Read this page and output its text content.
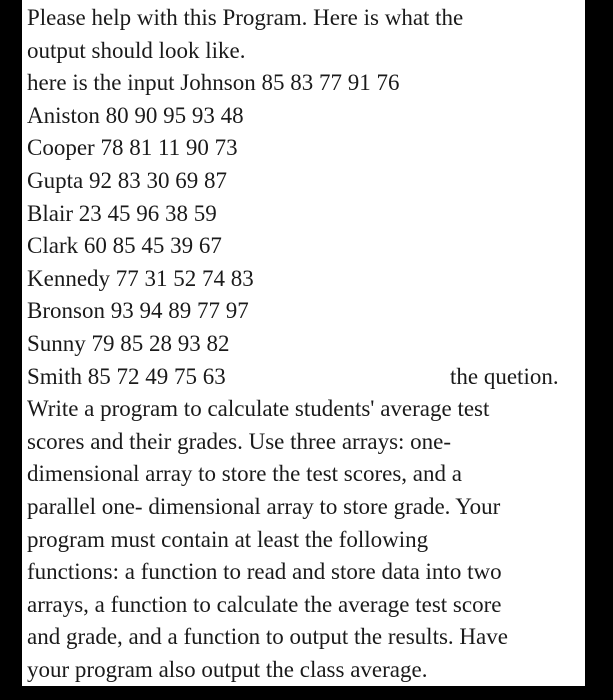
Please help with this Program. Here is what the
output should look like.
here is the input Johnson 85 83 77 91 76
Aniston 80 90 95 93 48
Cooper 78 81 11 90 73
Gupta 92 83 30 69 87
Blair 23 45 96 38 59
Clark 60 85 45 39 67
Kennedy 77 31 52 74 83
Bronson 93 94 89 77 97
Sunny 79 85 28 93 82
Smith 85 72 49 75 63	the quetion.
Write a program to calculate students' average test
scores and their grades. Use three arrays: one-
dimensional array to store the test scores, and a
parallel one- dimensional array to store grade. Your
program must contain at least the following
functions: a function to read and store data into two
arrays, a function to calculate the average test score
and grade, and a function to output the results. Have
your program also output the class average.
